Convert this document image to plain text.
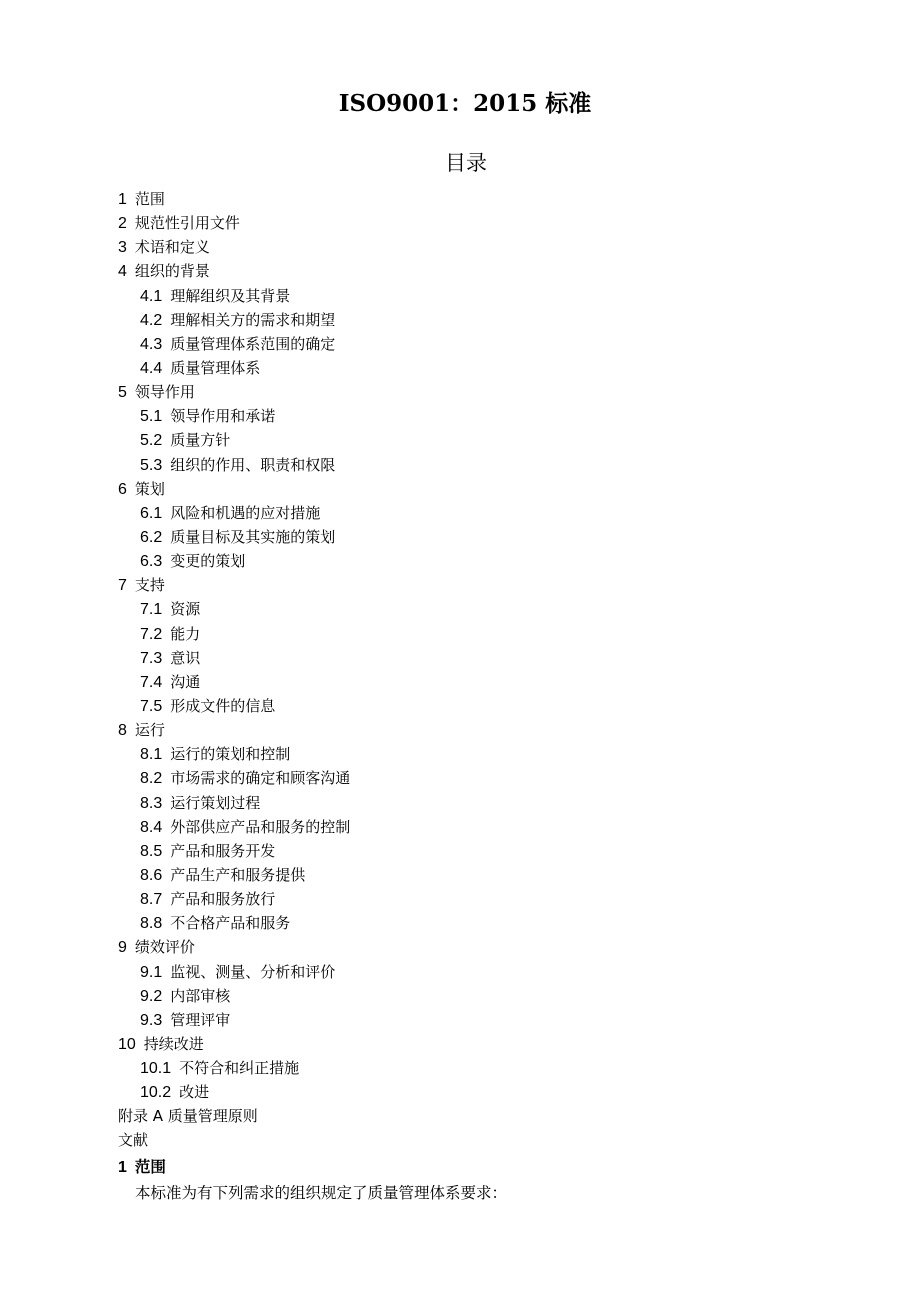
ISO9001：2015 标准
目录
1 范围
2 规范性引用文件
3 术语和定义
4 组织的背景
4.1 理解组织及其背景
4.2 理解相关方的需求和期望
4.3 质量管理体系范围的确定
4.4 质量管理体系
5 领导作用
5.1 领导作用和承诺
5.2 质量方针
5.3 组织的作用、职责和权限
6 策划
6.1 风险和机遇的应对措施
6.2 质量目标及其实施的策划
6.3 变更的策划
7 支持
7.1 资源
7.2 能力
7.3 意识
7.4 沟通
7.5 形成文件的信息
8 运行
8.1 运行的策划和控制
8.2 市场需求的确定和顾客沟通
8.3 运行策划过程
8.4 外部供应产品和服务的控制
8.5 产品和服务开发
8.6 产品生产和服务提供
8.7 产品和服务放行
8.8 不合格产品和服务
9 绩效评价
9.1 监视、测量、分析和评价
9.2 内部审核
9.3 管理评审
10 持续改进
10.1 不符合和纠正措施
10.2 改进
附录 A 质量管理原则
文献
1 范围
本标准为有下列需求的组织规定了质量管理体系要求：
